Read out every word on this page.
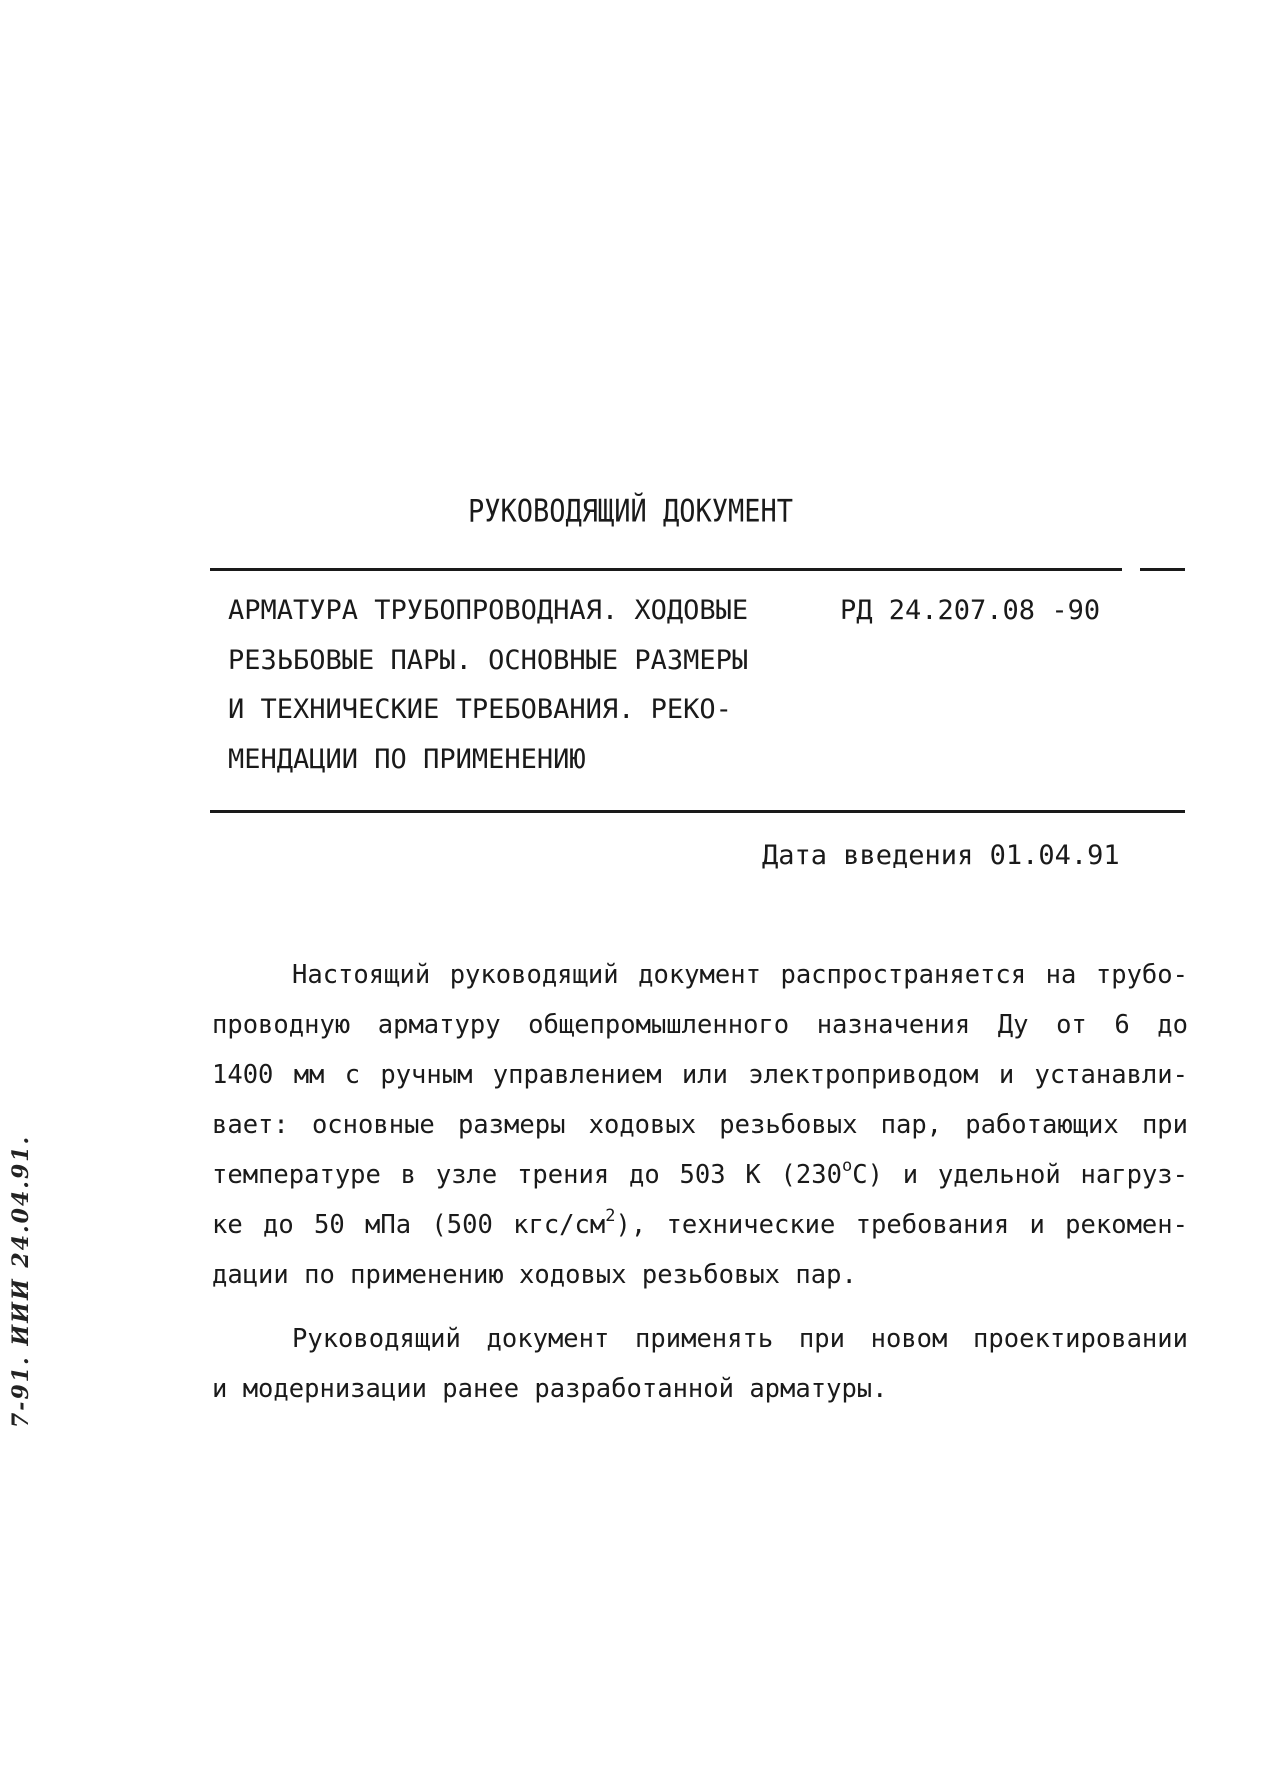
РУКОВОДЯЩИЙ ДОКУМЕНТ
АРМАТУРА ТРУБОПРОВОДНАЯ. ХОДОВЫЕ
РЕЗЬБОВЫЕ ПАРЫ. ОСНОВНЫЕ РАЗМЕРЫ
И ТЕХНИЧЕСКИЕ ТРЕБОВАНИЯ. РЕКО-
МЕНДАЦИИ ПО ПРИМЕНЕНИЮ
РД 24.207.08 -90
Дата введения 01.04.91
Настоящий руководящий документ распространяется на трубо-
проводную арматуру общепромышленного назначения Ду от 6 до
1400 мм с ручным управлением или электроприводом и устанавли-
вает: основные размеры ходовых резьбовых пар, работающих при
температуре в узле трения до 503 К $(230^оС)$ и удельной нагруз-
ке до 50 мПа (500 кгс/$см^2$), технические требования и рекомен-
дации по применению ходовых резьбовых пар.
Руководящий документ применять при новом проектировании
и модернизации ранее разработанной арматуры.
7-91. ИИИ 24.04.91.
